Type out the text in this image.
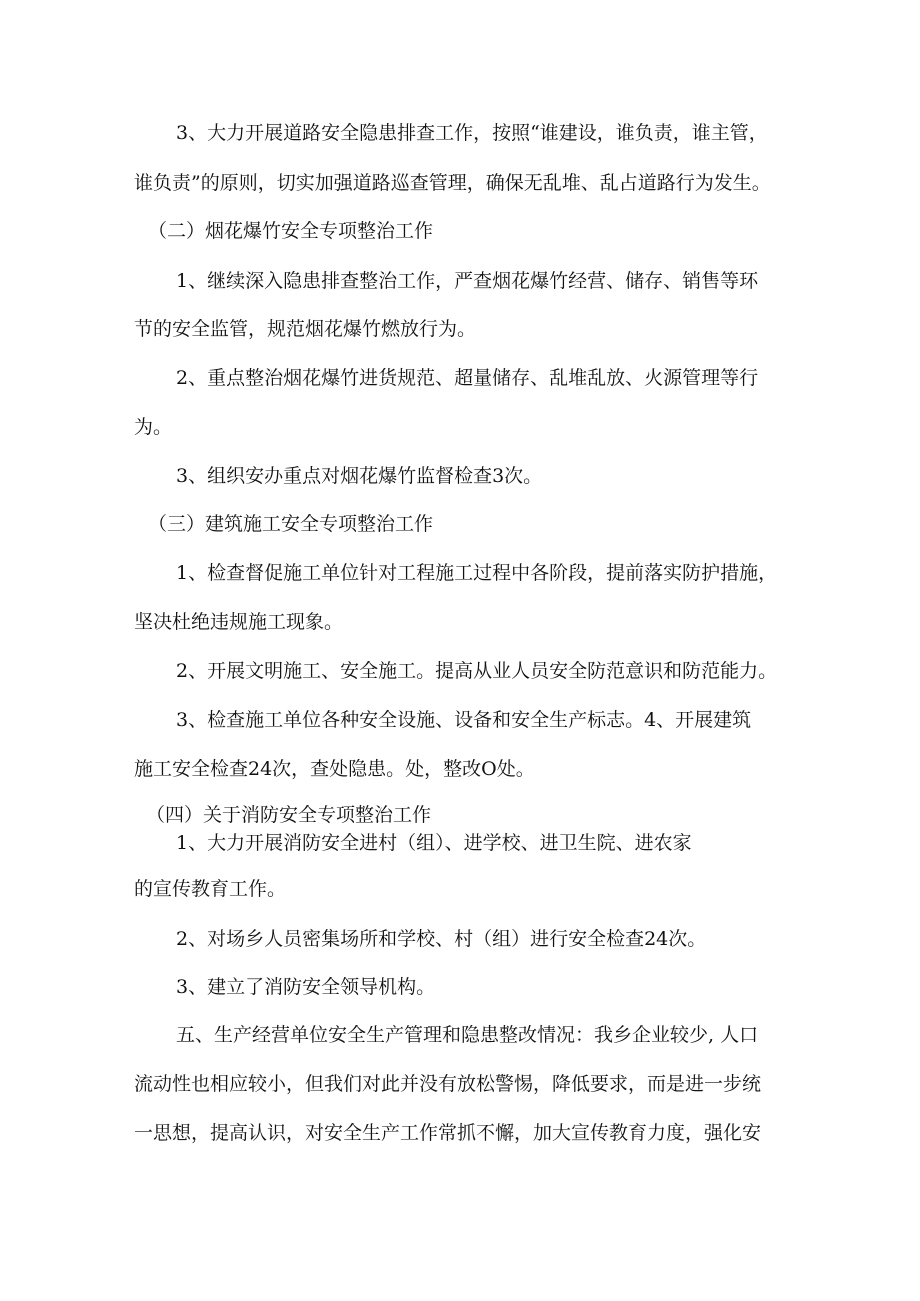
3、大力开展道路安全隐患排查工作，按照“谁建设，谁负责，谁主管，

谁负责”的原则，切实加强道路巡查管理，确保无乱堆、乱占道路行为发生。

（二）烟花爆竹安全专项整治工作

1、继续深入隐患排查整治工作，严查烟花爆竹经营、储存、销售等环

节的安全监管，规范烟花爆竹燃放行为。

2、重点整治烟花爆竹进货规范、超量储存、乱堆乱放、火源管理等行

为。

3、组织安办重点对烟花爆竹监督检查3次。

（三）建筑施工安全专项整治工作

1、检查督促施工单位针对工程施工过程中各阶段，提前落实防护措施，

坚决杜绝违规施工现象。

2、开展文明施工、安全施工。提高从业人员安全防范意识和防范能力。

3、检查施工单位各种安全设施、设备和安全生产标志。4、开展建筑

施工安全检查24次，查处隐患。处，整改O处。

（四）关于消防安全专项整治工作

1、大力开展消防安全进村（组）、进学校、进卫生院、进农家

的宣传教育工作。

2、对场乡人员密集场所和学校、村（组）进行安全检查24次。

3、建立了消防安全领导机构。

五、生产经营单位安全生产管理和隐患整改情况：我乡企业较少, 人口

流动性也相应较小，但我们对此并没有放松警惕，降低要求，而是进一步统

一思想，提高认识，对安全生产工作常抓不懈，加大宣传教育力度，强化安
